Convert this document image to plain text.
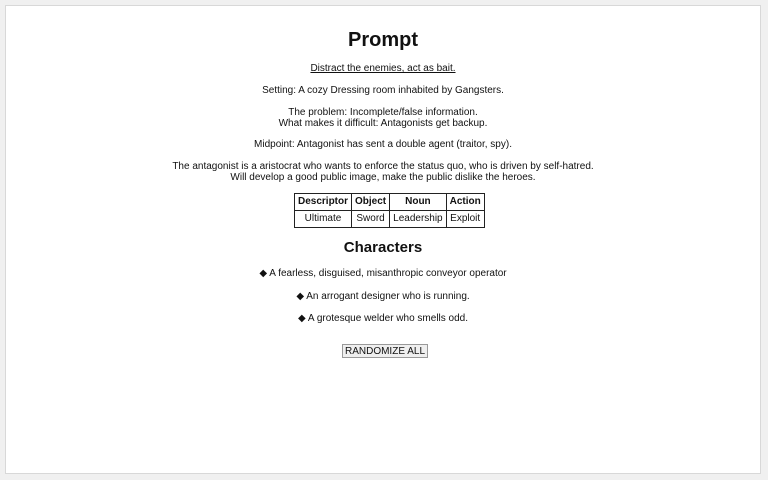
Prompt
Distract the enemies, act as bait.
Setting: A cozy Dressing room inhabited by Gangsters.
The problem: Incomplete/false information.
What makes it difficult: Antagonists get backup.
Midpoint: Antagonist has sent a double agent (traitor, spy).
The antagonist is a aristocrat who wants to enforce the status quo, who is driven by self-hatred.
Will develop a good public image, make the public dislike the heroes.
Descriptor	Object	Noun	Action
Ultimate	Sword	Leadership	Exploit
Characters
◆ A fearless, disguised, misanthropic conveyor operator
◆ An arrogant designer who is running.
◆ A grotesque welder who smells odd.
RANDOMIZE ALL
